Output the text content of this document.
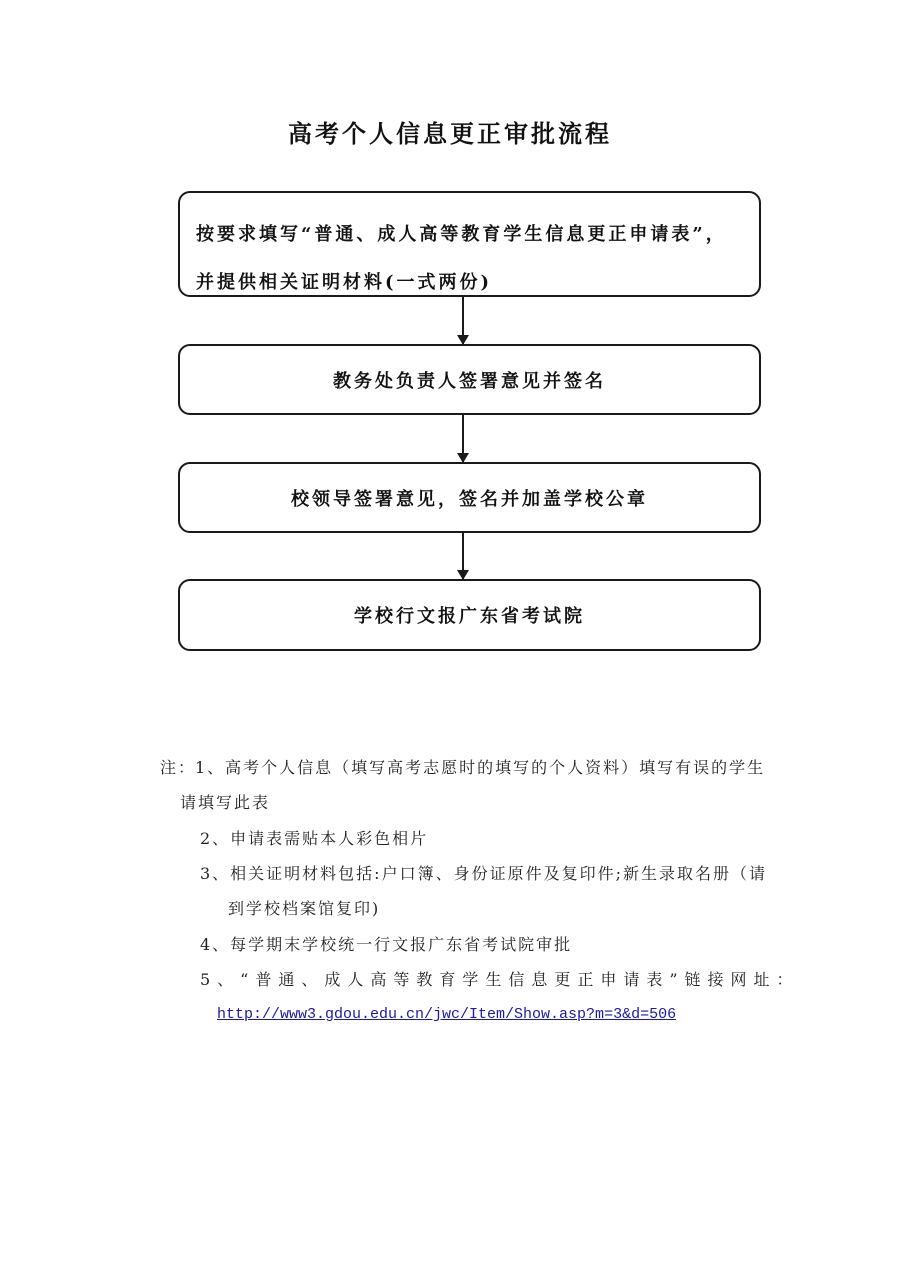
高考个人信息更正审批流程
按要求填写“普通、成人高等教育学生信息更正申请表”，
并提供相关证明材料(一式两份)
教务处负责人签署意见并签名
校领导签署意见，签名并加盖学校公章
学校行文报广东省考试院
注：
1、高考个人信息（填写高考志愿时的填写的个人资料）填写有误的学生
请填写此表
2、申请表需贴本人彩色相片
3、相关证明材料包括:户口簿、身份证原件及复印件;新生录取名册（请
到学校档案馆复印)
4、每学期末学校统一行文报广东省考试院审批
5、“普通、成人高等教育学生信息更正申请表”链接网址：
http://www3.gdou.edu.cn/jwc/Item/Show.asp?m=3&d=506
